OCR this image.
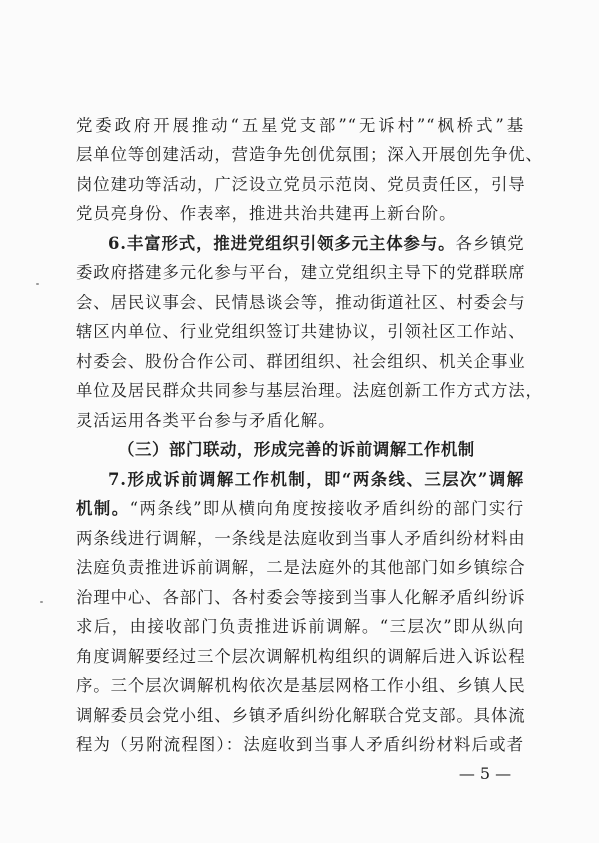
党委政府开展推动“五星党支部”“无诉村”“枫桥式”基
层单位等创建活动，营造争先创优氛围；深入开展创先争优、
岗位建功等活动，广泛设立党员示范岗、党员责任区，引导
党员亮身份、作表率，推进共治共建再上新台阶。
6.丰富形式，推进党组织引领多元主体参与。各乡镇党
委政府搭建多元化参与平台，建立党组织主导下的党群联席
会、居民议事会、民情恳谈会等，推动街道社区、村委会与
辖区内单位、行业党组织签订共建协议，引领社区工作站、
村委会、股份合作公司、群团组织、社会组织、机关企事业
单位及居民群众共同参与基层治理。法庭创新工作方式方法，
灵活运用各类平台参与矛盾化解。
（三）部门联动，形成完善的诉前调解工作机制
7.形成诉前调解工作机制，即“两条线、三层次”调解
机制。“两条线”即从横向角度按接收矛盾纠纷的部门实行
两条线进行调解，一条线是法庭收到当事人矛盾纠纷材料由
法庭负责推进诉前调解，二是法庭外的其他部门如乡镇综合
治理中心、各部门、各村委会等接到当事人化解矛盾纠纷诉
求后，由接收部门负责推进诉前调解。“三层次”即从纵向
角度调解要经过三个层次调解机构组织的调解后进入诉讼程
序。三个层次调解机构依次是基层网格工作小组、乡镇人民
调解委员会党小组、乡镇矛盾纠纷化解联合党支部。具体流
程为（另附流程图）：法庭收到当事人矛盾纠纷材料后或者
— 5 —
